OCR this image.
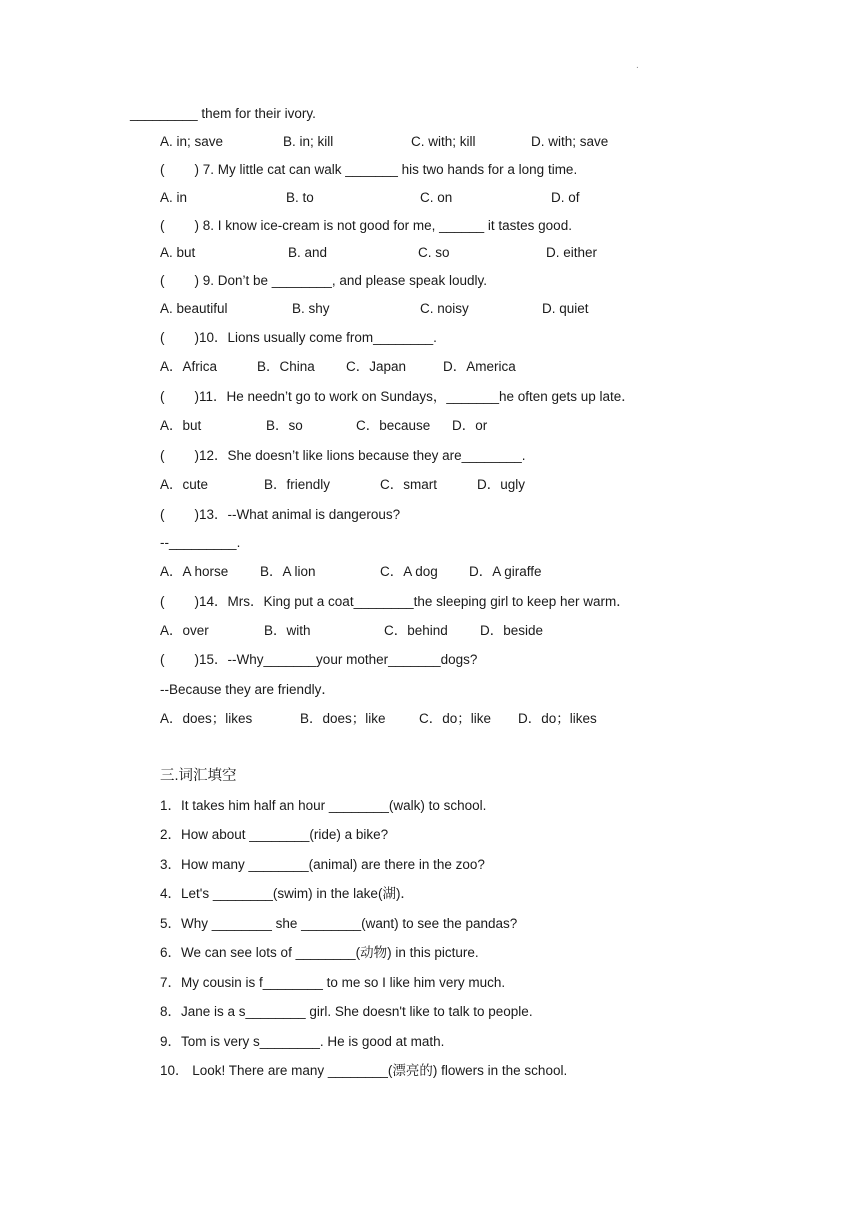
.
_________ them for their ivory.
A. in; save	B. in; kill	C. with; kill	D. with; save
(        ) 7. My little cat can walk _______ his two hands for a long time.
A. in	B. to	C. on	D. of
(        ) 8. I know ice-cream is not good for me, ______ it tastes good.
A. but	B. and	C. so	D. either
(        ) 9. Don’t be ________, and please speak loudly.
A. beautiful	B. shy	C. noisy	D. quiet
(        )10．Lions usually come from________.
A．Africa	B．China C．Japan	D．America
(        )11．He needn’t go to work on Sundays，_______he often gets up late．
A．but	B．so	C．because D．or
(        )12．She doesn’t like lions because they are________.
A．cute	B．friendly	C．smart	D．ugly
(        )13．--What animal is dangerous?
--_________.
A．A horse B．A lion	C．A dog D．A giraffe
(        )14．Mrs．King put a coat________the sleeping girl to keep her warm．
A．over	B．with	C．behind D．beside
(        )15．--Why_______your mother_______dogs?
--Because they are friendly．
A．does；likes	B．does；like C．do；like D．do；likes
三.词汇填空
1．It takes him half an hour ________(walk) to school.
2．How about ________(ride) a bike?
3．How many ________(animal) are there in the zoo?
4．Let's ________(swim) in the lake(湖)．
5．Why ________ she ________(want) to see the pandas?
6．We can see lots of ________(动物) in this picture.
7．My cousin is f________ to me so I like him very much.
8．Jane is a s________ girl. She doesn't like to talk to people.
9．Tom is very s________. He is good at math.
10． Look! There are many ________(漂亮的) flowers in the school.
